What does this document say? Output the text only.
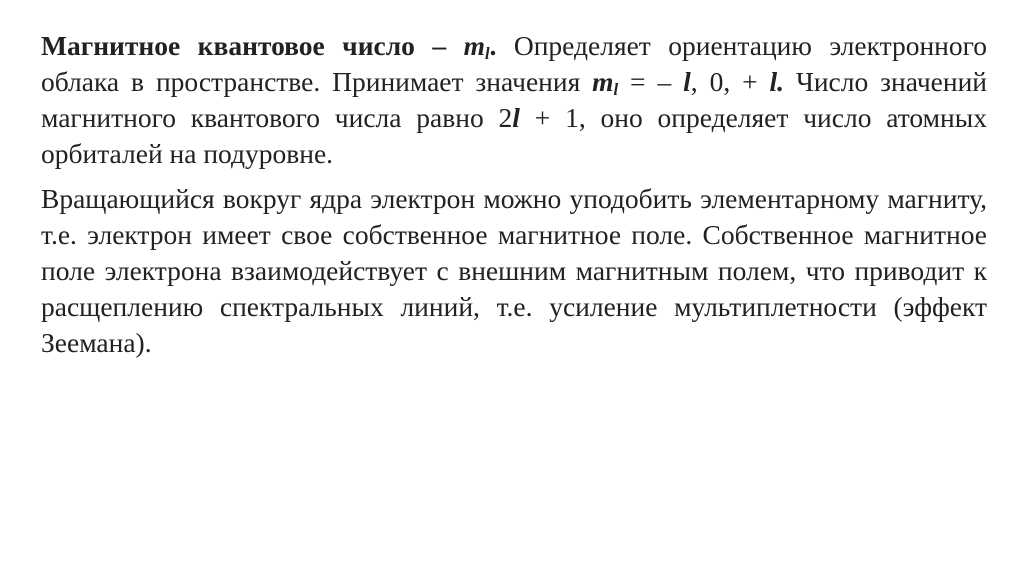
Магнитное квантовое число – $m_l$. Определяет ориентацию электронного облака в пространстве. Принимает значения $m_l$ = – l, 0, + l. Число значений магнитного квантового числа равно 2l + 1, оно определяет число атомных орбиталей на подуровне.

Вращающийся вокруг ядра электрон можно уподобить элементарному магниту, т.е. электрон имеет свое собственное магнитное поле. Собственное магнитное поле электрона взаимодействует с внешним магнитным полем, что приводит к расщеплению спектральных линий, т.е. усиление мультиплетности (эффект Зеемана).
